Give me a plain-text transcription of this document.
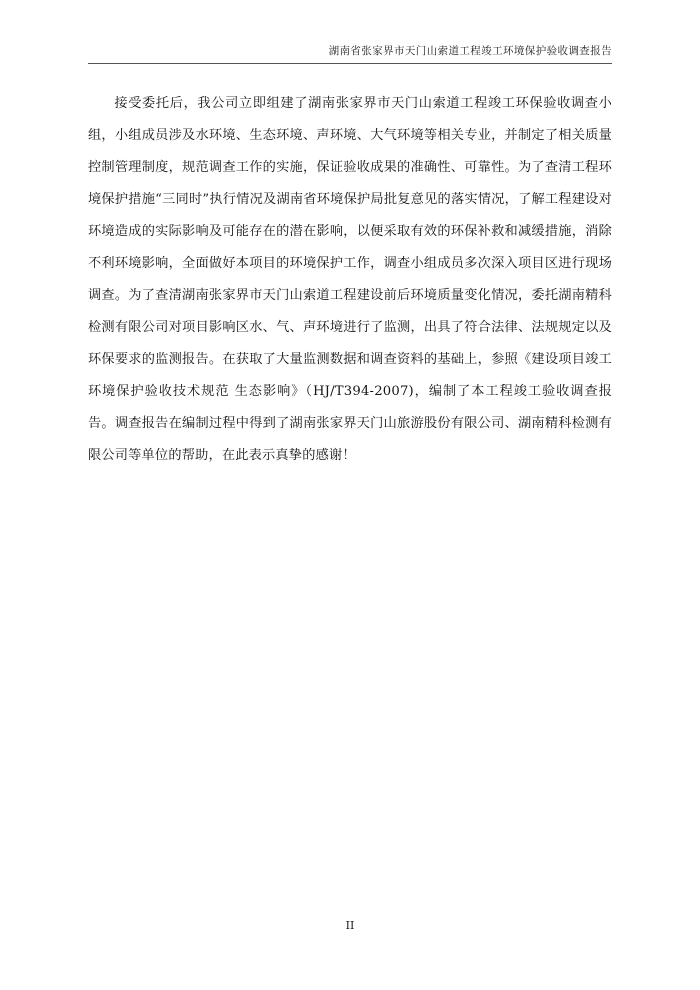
湖南省张家界市天门山索道工程竣工环境保护验收调查报告
接受委托后，我公司立即组建了湖南张家界市天门山索道工程竣工环保验收调查小组，小组成员涉及水环境、生态环境、声环境、大气环境等相关专业，并制定了相关质量控制管理制度，规范调查工作的实施，保证验收成果的准确性、可靠性。为了查清工程环境保护措施“三同时”执行情况及湖南省环境保护局批复意见的落实情况，了解工程建设对环境造成的实际影响及可能存在的潜在影响，以便采取有效的环保补救和减缓措施，消除不利环境影响，全面做好本项目的环境保护工作，调查小组成员多次深入项目区进行现场调查。为了查清湖南张家界市天门山索道工程建设前后环境质量变化情况，委托湖南精科检测有限公司对项目影响区水、气、声环境进行了监测，出具了符合法律、法规规定以及环保要求的监测报告。在获取了大量监测数据和调查资料的基础上，参照《建设项目竣工环境保护验收技术规范 生态影响》（HJ/T394-2007)，编制了本工程竣工验收调查报告。调查报告在编制过程中得到了湖南张家界天门山旅游股份有限公司、湖南精科检测有限公司等单位的帮助，在此表示真挚的感谢！
II
